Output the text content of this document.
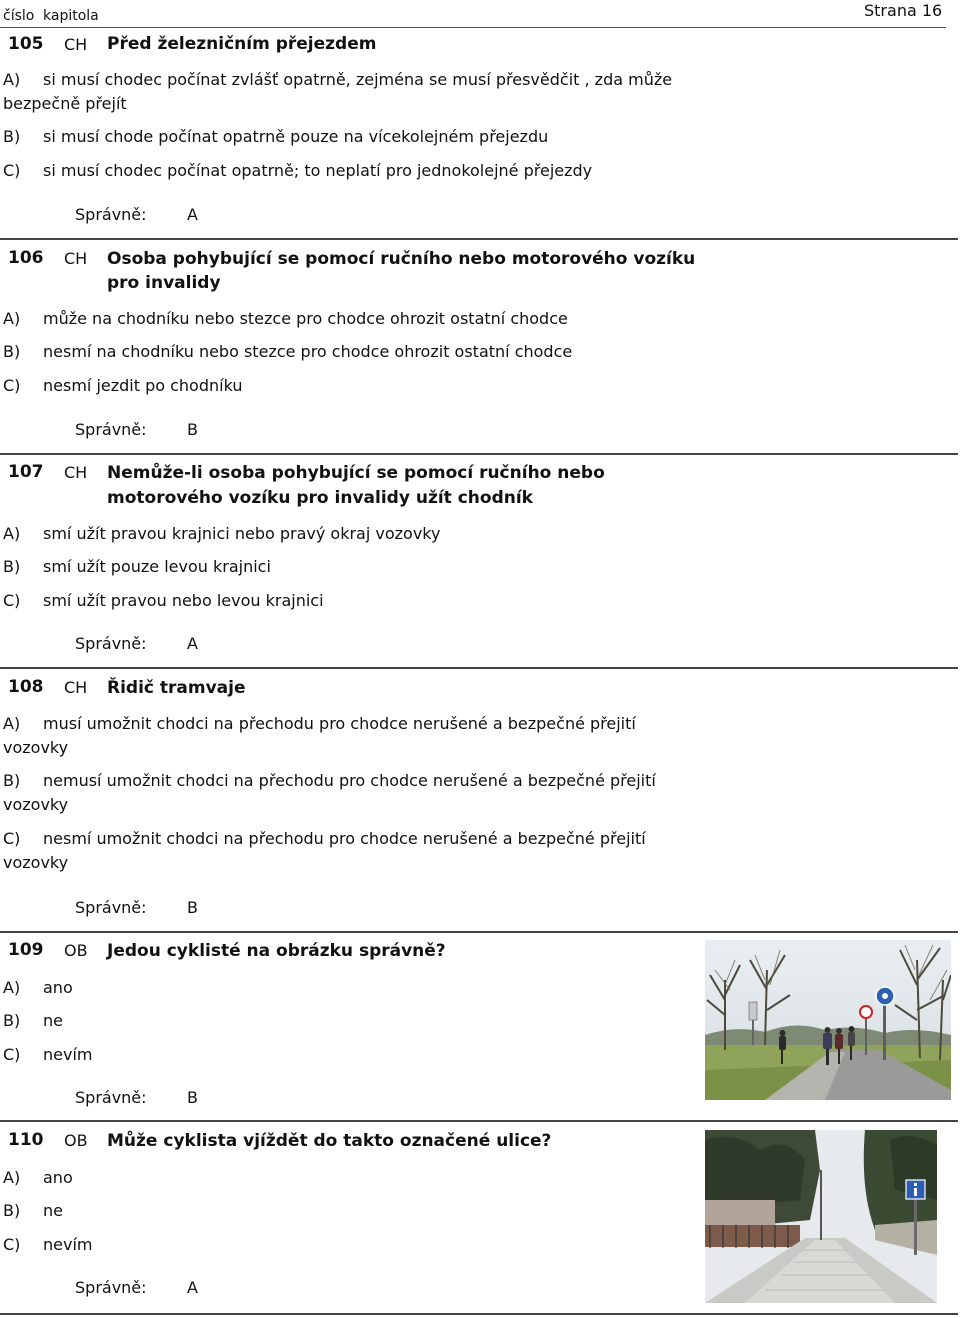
číslo kapitola	Strana 16
105 CH Před železničním přejezdem
A) si musí chodec počínat zvlášť opatrně, zejména se musí přesvědčit , zda může
bezpečně přejít
B) si musí chode počínat opatrně pouze na vícekolejném přejezdu
C) si musí chodec počínat opatrně; to neplatí pro jednokolejné přejezdy
Správně:	A
106 CH Osoba pohybující se pomocí ručního nebo motorového vozíku
pro invalidy
A) může na chodníku nebo stezce pro chodce ohrozit ostatní chodce
B) nesmí na chodníku nebo stezce pro chodce ohrozit ostatní chodce
C) nesmí jezdit po chodníku
Správně:	B
107 CH Nemůže-li osoba pohybující se pomocí ručního nebo
motorového vozíku pro invalidy užít chodník
A) smí užít pravou krajnici nebo pravý okraj vozovky
B) smí užít pouze levou krajnici
C) smí užít pravou nebo levou krajnici
Správně:	A
108 CH Řidič tramvaje
A) musí umožnit chodci na přechodu pro chodce nerušené a bezpečné přejití
vozovky
B) nemusí umožnit chodci na přechodu pro chodce nerušené a bezpečné přejití
vozovky
C) nesmí umožnit chodci na přechodu pro chodce nerušené a bezpečné přejití
vozovky
Správně:	B
109 OB Jedou cyklisté na obrázku správně?
A) ano
B) ne
C) nevím
Správně:	B
110 OB Může cyklista vjíždět do takto označené ulice?
A) ano
B) ne
C) nevím
Správně:	A
